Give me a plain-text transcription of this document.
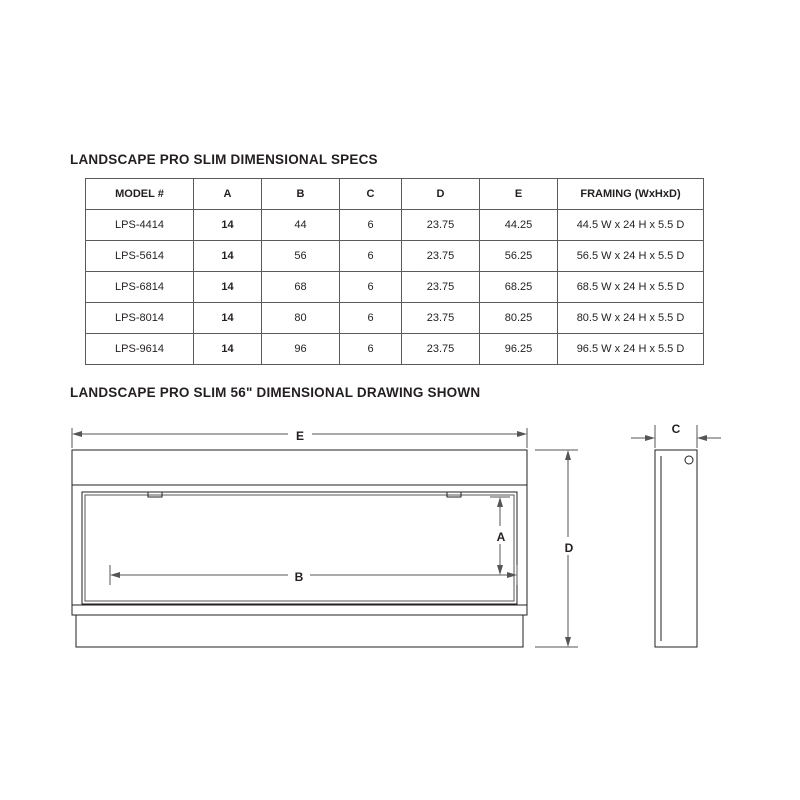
LANDSCAPE PRO SLIM DIMENSIONAL SPECS
MODEL #	A	B	C	D	E	FRAMING (WxHxD)
LPS-4414	14	44	6	23.75	44.25	44.5 W x 24 H x 5.5 D
LPS-5614	14	56	6	23.75	56.25	56.5 W x 24 H x 5.5 D
LPS-6814	14	68	6	23.75	68.25	68.5 W x 24 H x 5.5 D
LPS-8014	14	80	6	23.75	80.25	80.5 W x 24 H x 5.5 D
LPS-9614	14	96	6	23.75	96.25	96.5 W x 24 H x 5.5 D
LANDSCAPE PRO SLIM 56" DIMENSIONAL DRAWING SHOWN
E
B
A
D
C
